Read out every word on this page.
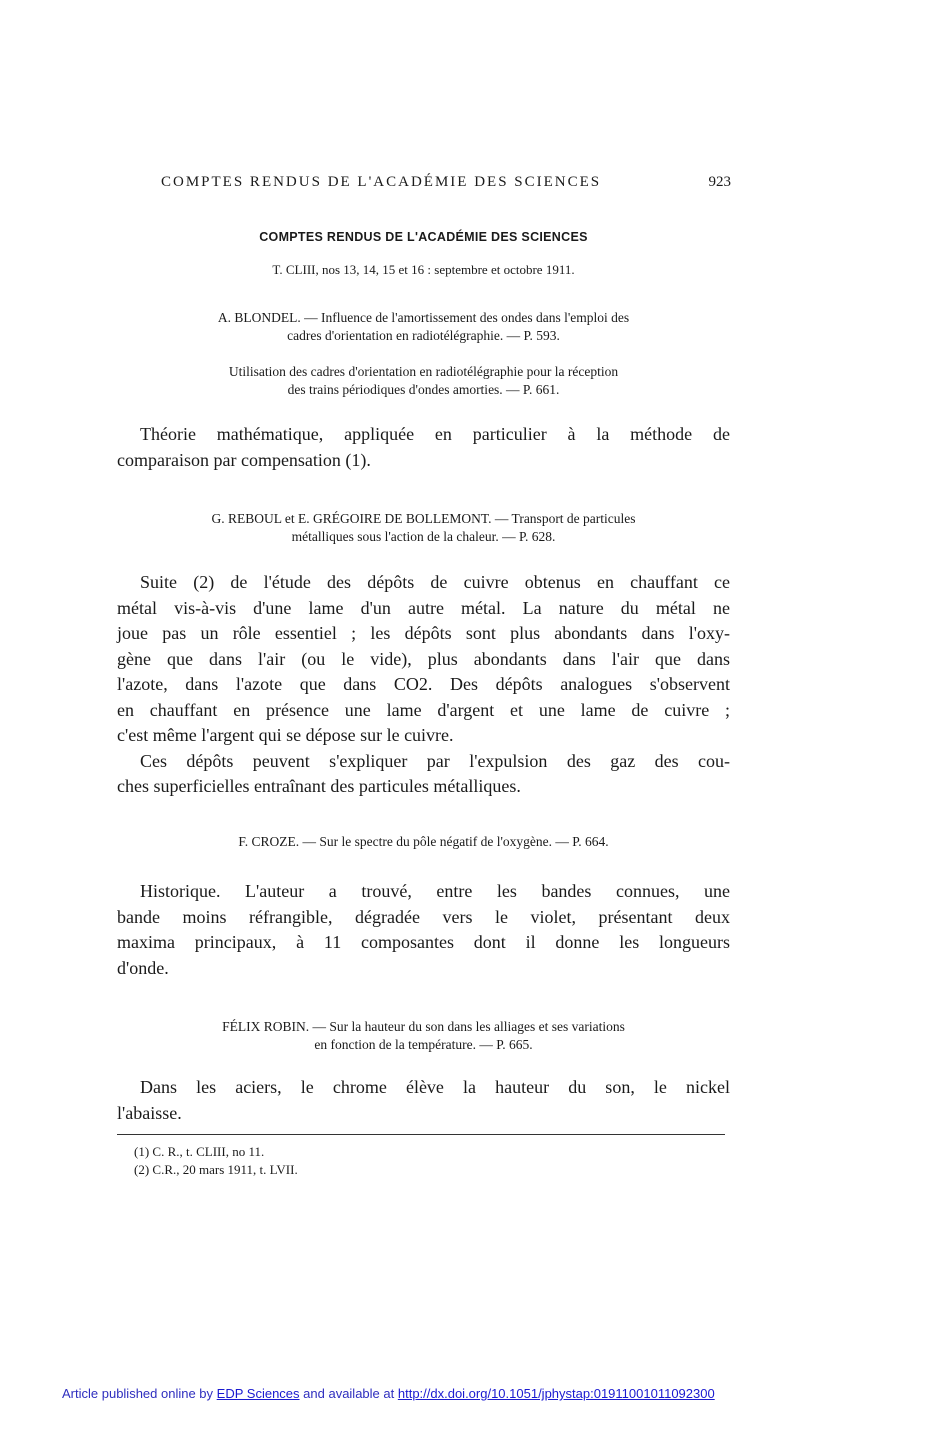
COMPTES RENDUS DE L'ACADÉMIE DES SCIENCES	923
COMPTES RENDUS DE L'ACADÉMIE DES SCIENCES
T. CLIII, nos 13, 14, 15 et 16 : septembre et octobre 1911.
A. BLONDEL. — Influence de l'amortissement des ondes dans l'emploi des
cadres d'orientation en radiotélégraphie. — P. 593.
Utilisation des cadres d'orientation en radiotélégraphie pour la réception
des trains périodiques d'ondes amorties. — P. 661.
Théorie mathématique, appliquée en particulier à la méthode de
comparaison par compensation (1).
G. REBOUL et E. GRÉGOIRE DE BOLLEMONT. — Transport de particules
métalliques sous l'action de la chaleur. — P. 628.
Suite (2) de l'étude des dépôts de cuivre obtenus en chauffant ce
métal vis-à-vis d'une lame d'un autre métal. La nature du métal ne
joue pas un rôle essentiel ; les dépôts sont plus abondants dans l'oxy-
gène que dans l'air (ou le vide), plus abondants dans l'air que dans
l'azote, dans l'azote que dans CO2. Des dépôts analogues s'observent
en chauffant en présence une lame d'argent et une lame de cuivre ;
c'est même l'argent qui se dépose sur le cuivre.
Ces dépôts peuvent s'expliquer par l'expulsion des gaz des cou-
ches superficielles entraînant des particules métalliques.
F. CROZE. — Sur le spectre du pôle négatif de l'oxygène. — P. 664.
Historique. L'auteur a trouvé, entre les bandes connues, une
bande moins réfrangible, dégradée vers le violet, présentant deux
maxima principaux, à 11 composantes dont il donne les longueurs
d'onde.
FÉLIX ROBIN. — Sur la hauteur du son dans les alliages et ses variations
en fonction de la température. — P. 665.
Dans les aciers, le chrome élève la hauteur du son, le nickel
l'abaisse.
(1) C. R., t. CLIII, no 11.
(2) C.R., 20 mars 1911, t. LVII.
Article published online by EDP Sciences and available at http://dx.doi.org/10.1051/jphystap:01911001011092300
